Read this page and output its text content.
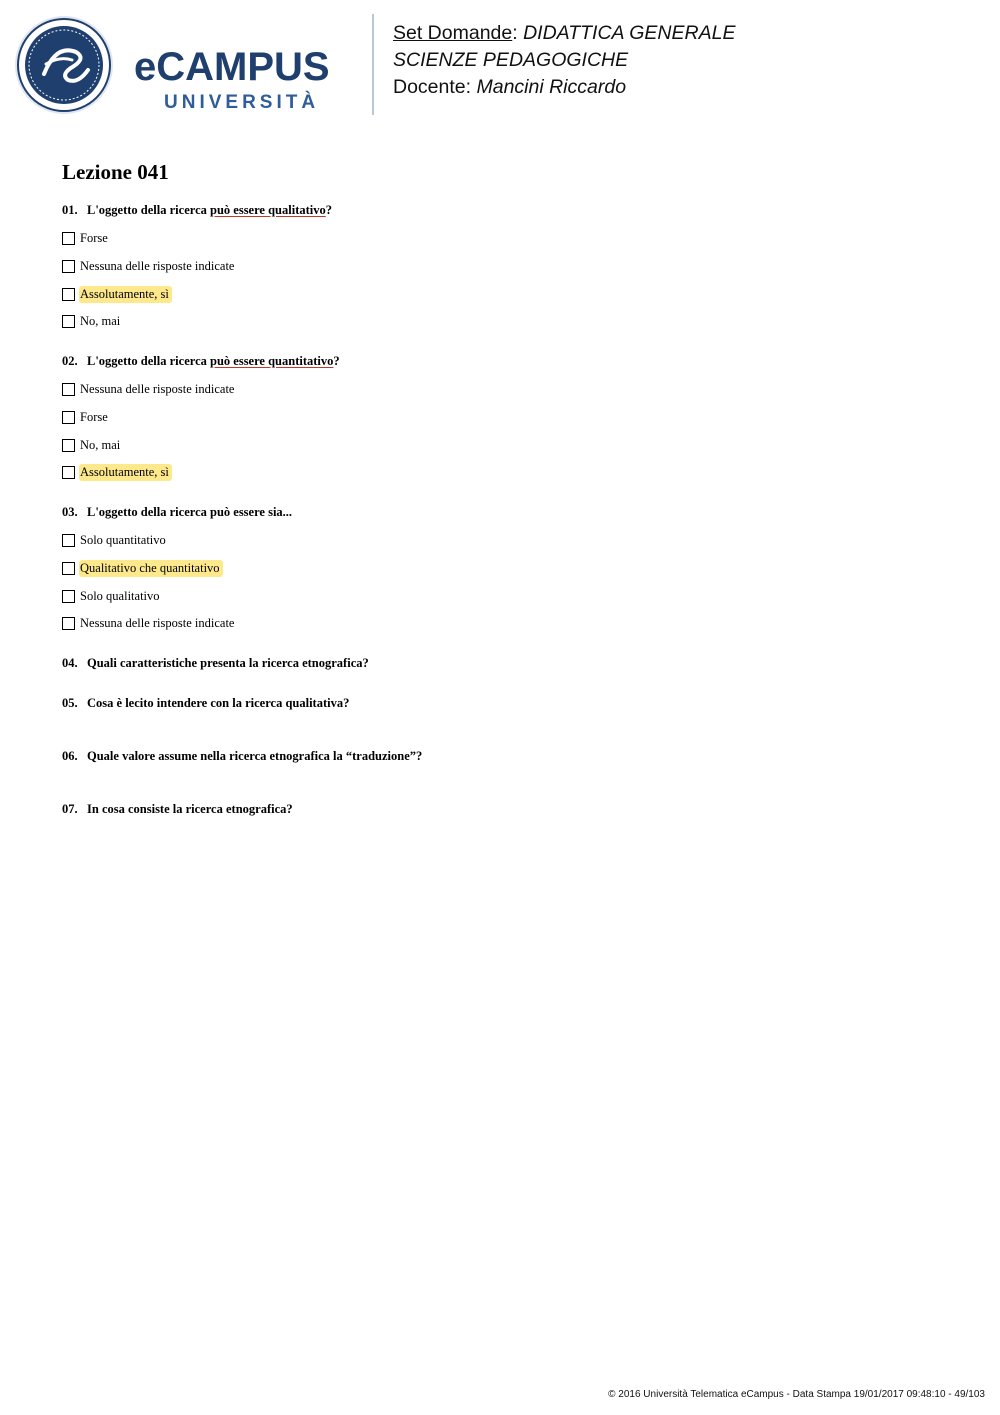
eCAMPUS
UNIVERSITÀ
Set Domande: DIDATTICA GENERALE
SCIENZE PEDAGOGICHE
Docente: Mancini Riccardo
Lezione 041
01. L'oggetto della ricerca può essere qualitativo?
Forse
Nessuna delle risposte indicate
Assolutamente, sì
No, mai
02. L'oggetto della ricerca può essere quantitativo?
Nessuna delle risposte indicate
Forse
No, mai
Assolutamente, sì
03. L'oggetto della ricerca può essere sia...
Solo quantitativo
Qualitativo che quantitativo
Solo qualitativo
Nessuna delle risposte indicate
04. Quali caratteristiche presenta la ricerca etnografica?
05. Cosa è lecito intendere con la ricerca qualitativa?
06. Quale valore assume nella ricerca etnografica la “traduzione”?
07. In cosa consiste la ricerca etnografica?
© 2016 Università Telematica eCampus - Data Stampa 19/01/2017 09:48:10 - 49/103
